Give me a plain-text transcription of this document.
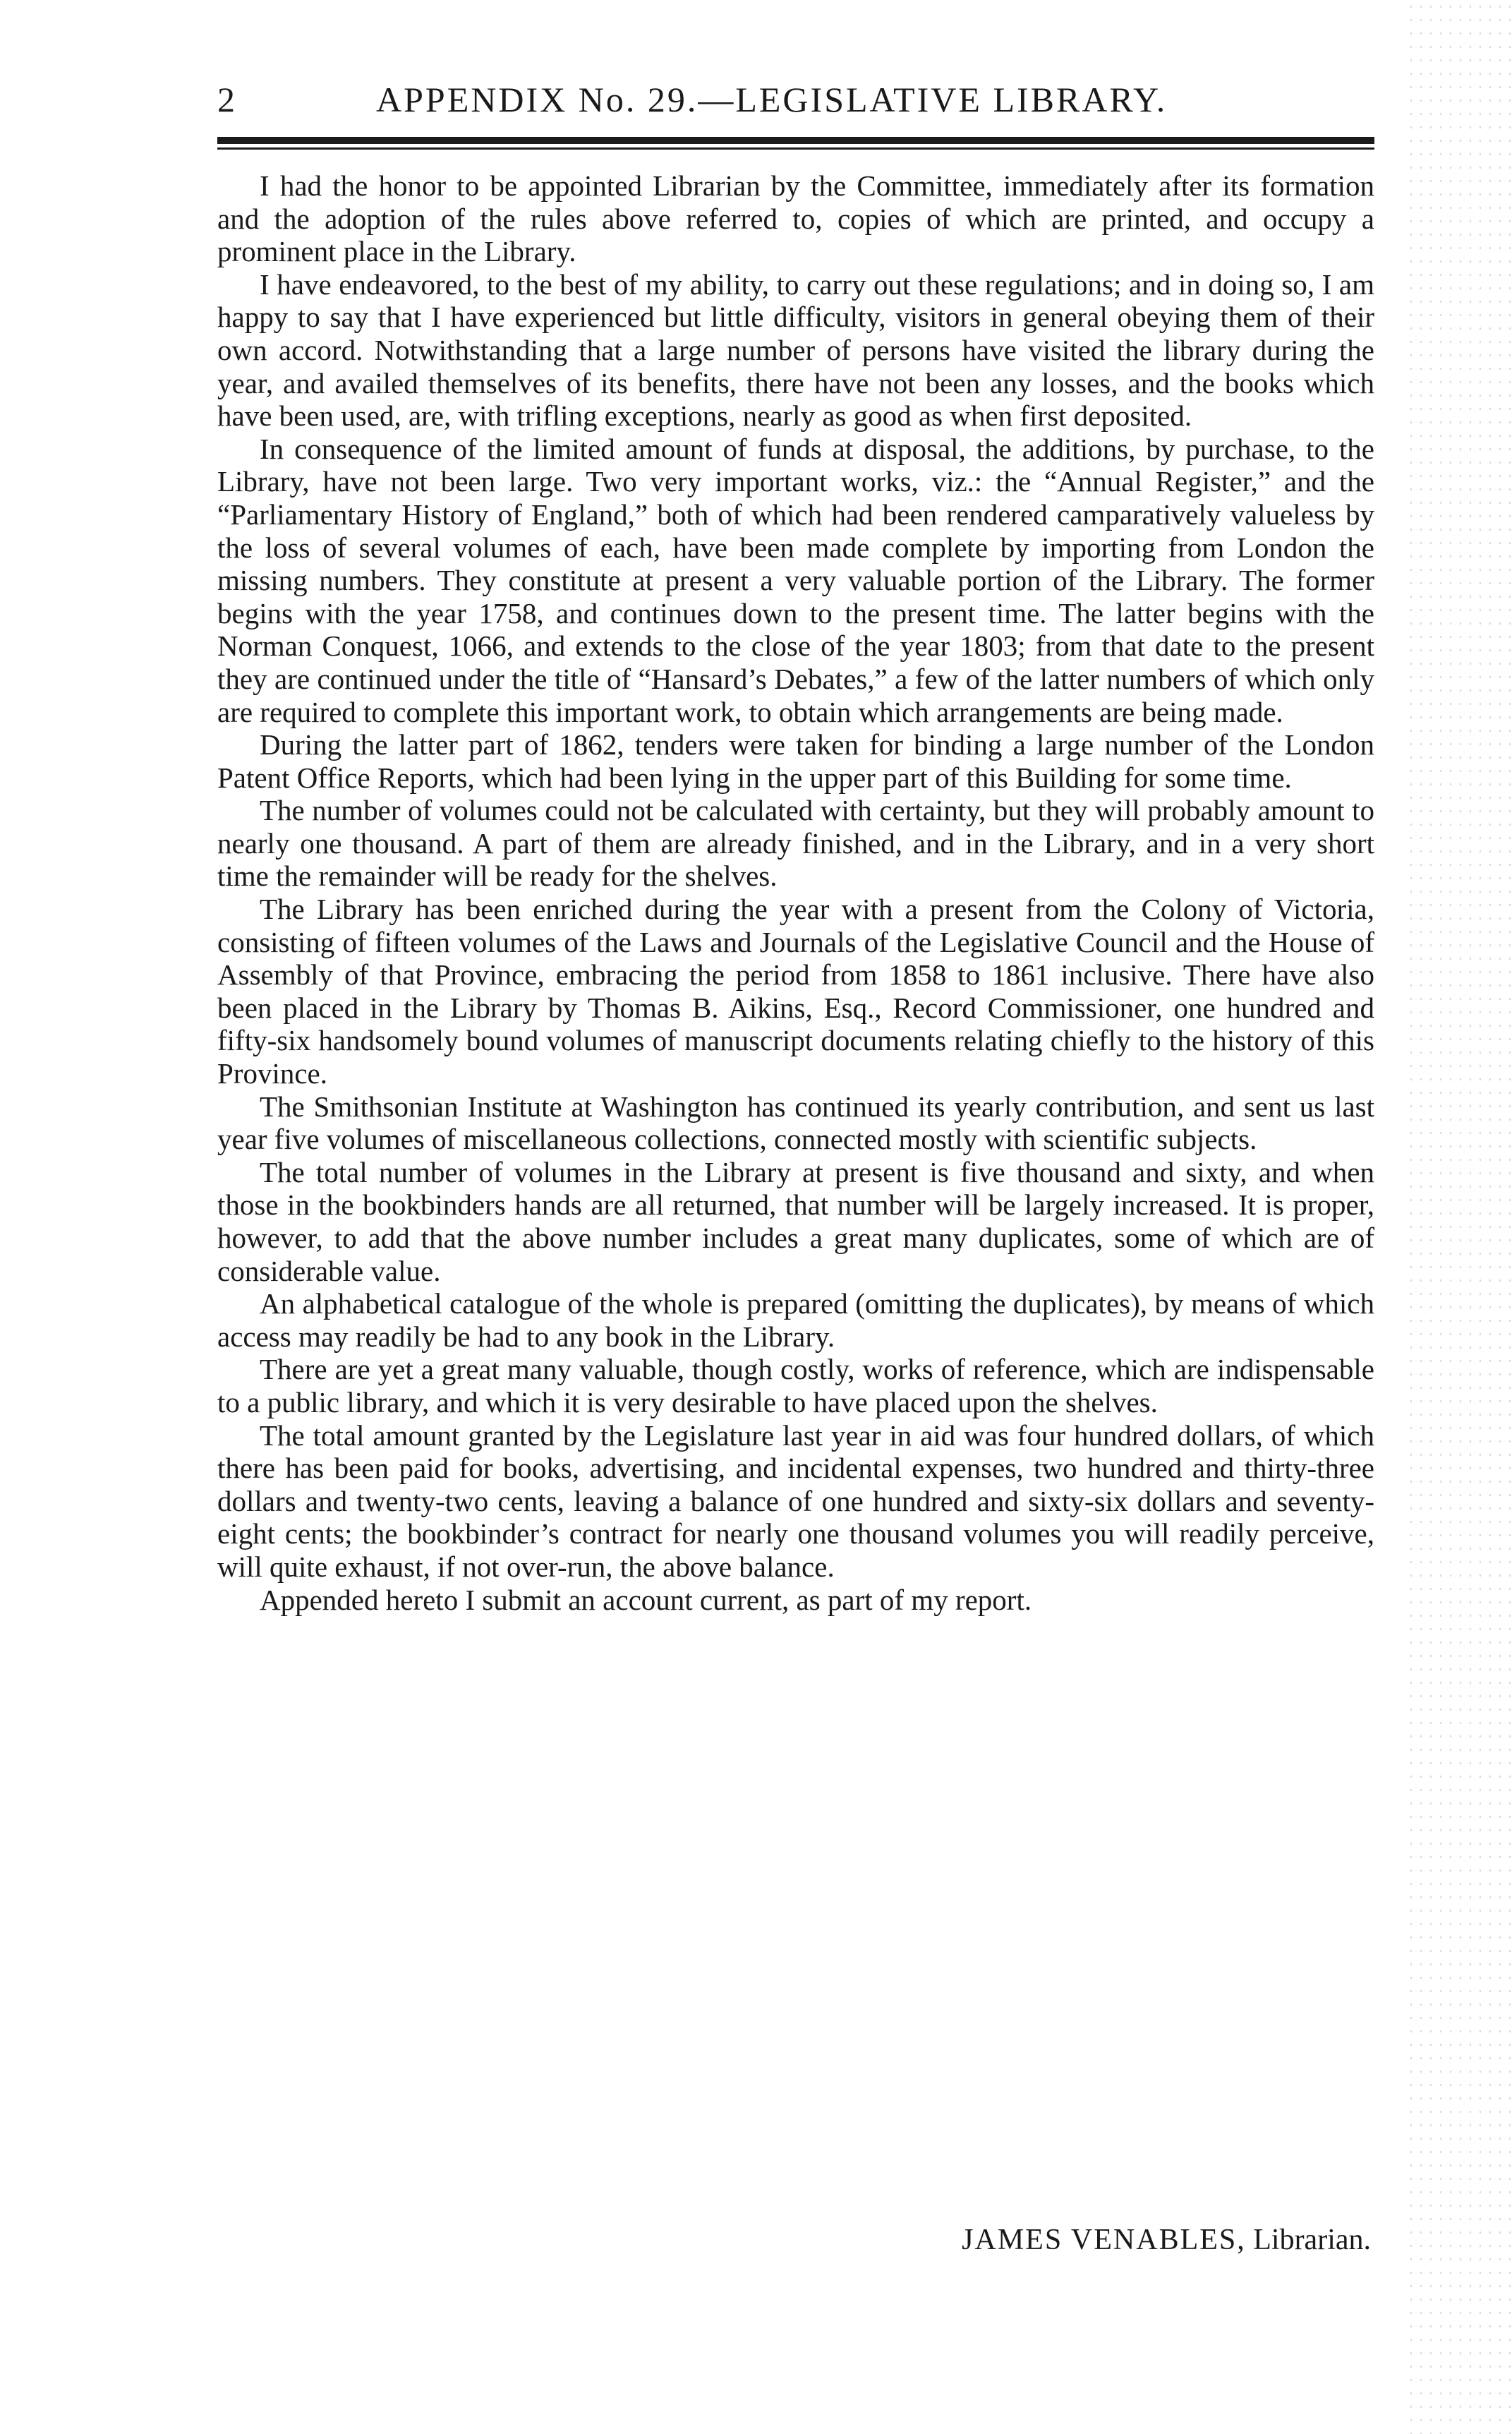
2	APPENDIX No. 29.—LEGISLATIVE LIBRARY.

I had the honor to be appointed Librarian by the Committee, immediately after its formation and the adoption of the rules above referred to, copies of which are printed, and occupy a prominent place in the Library.

I have endeavored, to the best of my ability, to carry out these regulations; and in doing so, I am happy to say that I have experienced but little difficulty, visitors in general obeying them of their own accord. Notwithstanding that a large number of persons have visited the library during the year, and availed themselves of its benefits, there have not been any losses, and the books which have been used, are, with trifling exceptions, nearly as good as when first deposited.

In consequence of the limited amount of funds at disposal, the additions, by purchase, to the Library, have not been large. Two very important works, viz.: the “Annual Register,” and the “Parliamentary History of England,” both of which had been rendered camparatively valueless by the loss of several volumes of each, have been made complete by importing from London the missing numbers. They constitute at present a very valuable portion of the Library. The former begins with the year 1758, and continues down to the present time. The latter begins with the Norman Conquest, 1066, and extends to the close of the year 1803; from that date to the present they are continued under the title of “Hansard’s Debates,” a few of the latter numbers of which only are required to complete this important work, to obtain which arrangements are being made.

During the latter part of 1862, tenders were taken for binding a large number of the London Patent Office Reports, which had been lying in the upper part of this Building for some time.

The number of volumes could not be calculated with certainty, but they will probably amount to nearly one thousand. A part of them are already finished, and in the Library, and in a very short time the remainder will be ready for the shelves.

The Library has been enriched during the year with a present from the Colony of Victoria, consisting of fifteen volumes of the Laws and Journals of the Legislative Council and the House of Assembly of that Province, embracing the period from 1858 to 1861 inclusive. There have also been placed in the Library by Thomas B. Aikins, Esq., Record Commissioner, one hundred and fifty-six handsomely bound volumes of manuscript documents relating chiefly to the history of this Province.

The Smithsonian Institute at Washington has continued its yearly contribution, and sent us last year five volumes of miscellaneous collections, connected mostly with scientific subjects.

The total number of volumes in the Library at present is five thousand and sixty, and when those in the bookbinders hands are all returned, that number will be largely increased. It is proper, however, to add that the above number includes a great many duplicates, some of which are of considerable value.

An alphabetical catalogue of the whole is prepared (omitting the duplicates), by means of which access may readily be had to any book in the Library.

There are yet a great many valuable, though costly, works of reference, which are indispensable to a public library, and which it is very desirable to have placed upon the shelves.

The total amount granted by the Legislature last year in aid was four hundred dollars, of which there has been paid for books, advertising, and incidental expenses, two hundred and thirty-three dollars and twenty-two cents, leaving a balance of one hundred and sixty-six dollars and seventy-eight cents; the bookbinder’s contract for nearly one thousand volumes you will readily perceive, will quite exhaust, if not over-run, the above balance.

Appended hereto I submit an account current, as part of my report.

JAMES VENABLES, Librarian.
